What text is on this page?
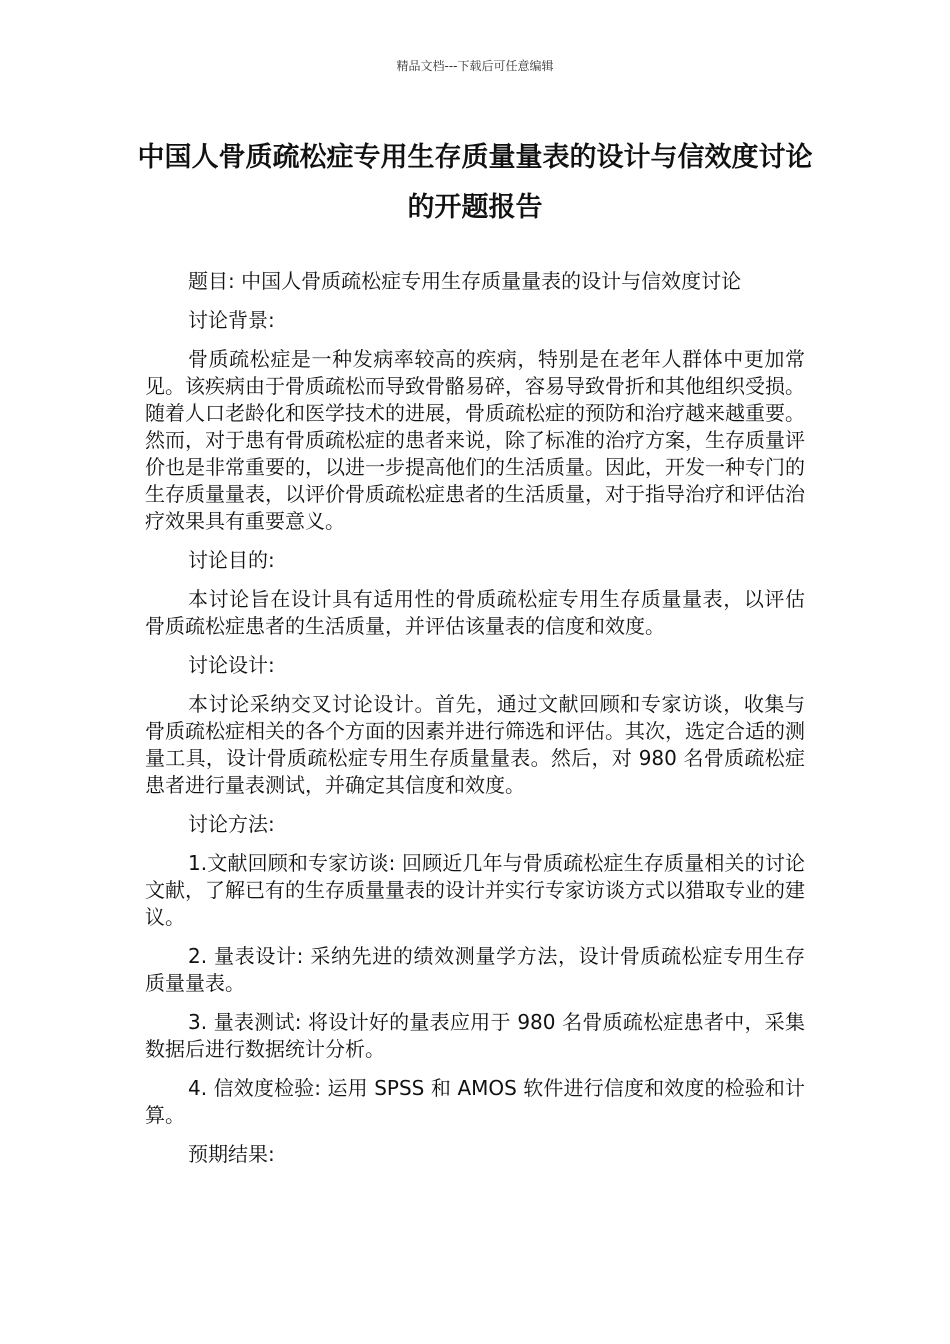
精品文档---下载后可任意编辑
中国人骨质疏松症专用生存质量量表的设计与信效度讨论的开题报告

题目: 中国人骨质疏松症专用生存质量量表的设计与信效度讨论

讨论背景:

骨质疏松症是一种发病率较高的疾病，特别是在老年人群体中更加常见。该疾病由于骨质疏松而导致骨骼易碎，容易导致骨折和其他组织受损。随着人口老龄化和医学技术的进展，骨质疏松症的预防和治疗越来越重要。然而，对于患有骨质疏松症的患者来说，除了标准的治疗方案，生存质量评价也是非常重要的，以进一步提高他们的生活质量。因此，开发一种专门的生存质量量表，以评价骨质疏松症患者的生活质量，对于指导治疗和评估治疗效果具有重要意义。

讨论目的:

本讨论旨在设计具有适用性的骨质疏松症专用生存质量量表，以评估骨质疏松症患者的生活质量，并评估该量表的信度和效度。

讨论设计:

本讨论采纳交叉讨论设计。首先，通过文献回顾和专家访谈，收集与骨质疏松症相关的各个方面的因素并进行筛选和评估。其次，选定合适的测量工具，设计骨质疏松症专用生存质量量表。然后，对 980 名骨质疏松症患者进行量表测试，并确定其信度和效度。

讨论方法:

1.文献回顾和专家访谈: 回顾近几年与骨质疏松症生存质量相关的讨论文献，了解已有的生存质量量表的设计并实行专家访谈方式以猎取专业的建议。

2. 量表设计: 采纳先进的绩效测量学方法，设计骨质疏松症专用生存质量量表。

3. 量表测试: 将设计好的量表应用于 980 名骨质疏松症患者中，采集数据后进行数据统计分析。

4. 信效度检验: 运用 SPSS 和 AMOS 软件进行信度和效度的检验和计算。

预期结果:
